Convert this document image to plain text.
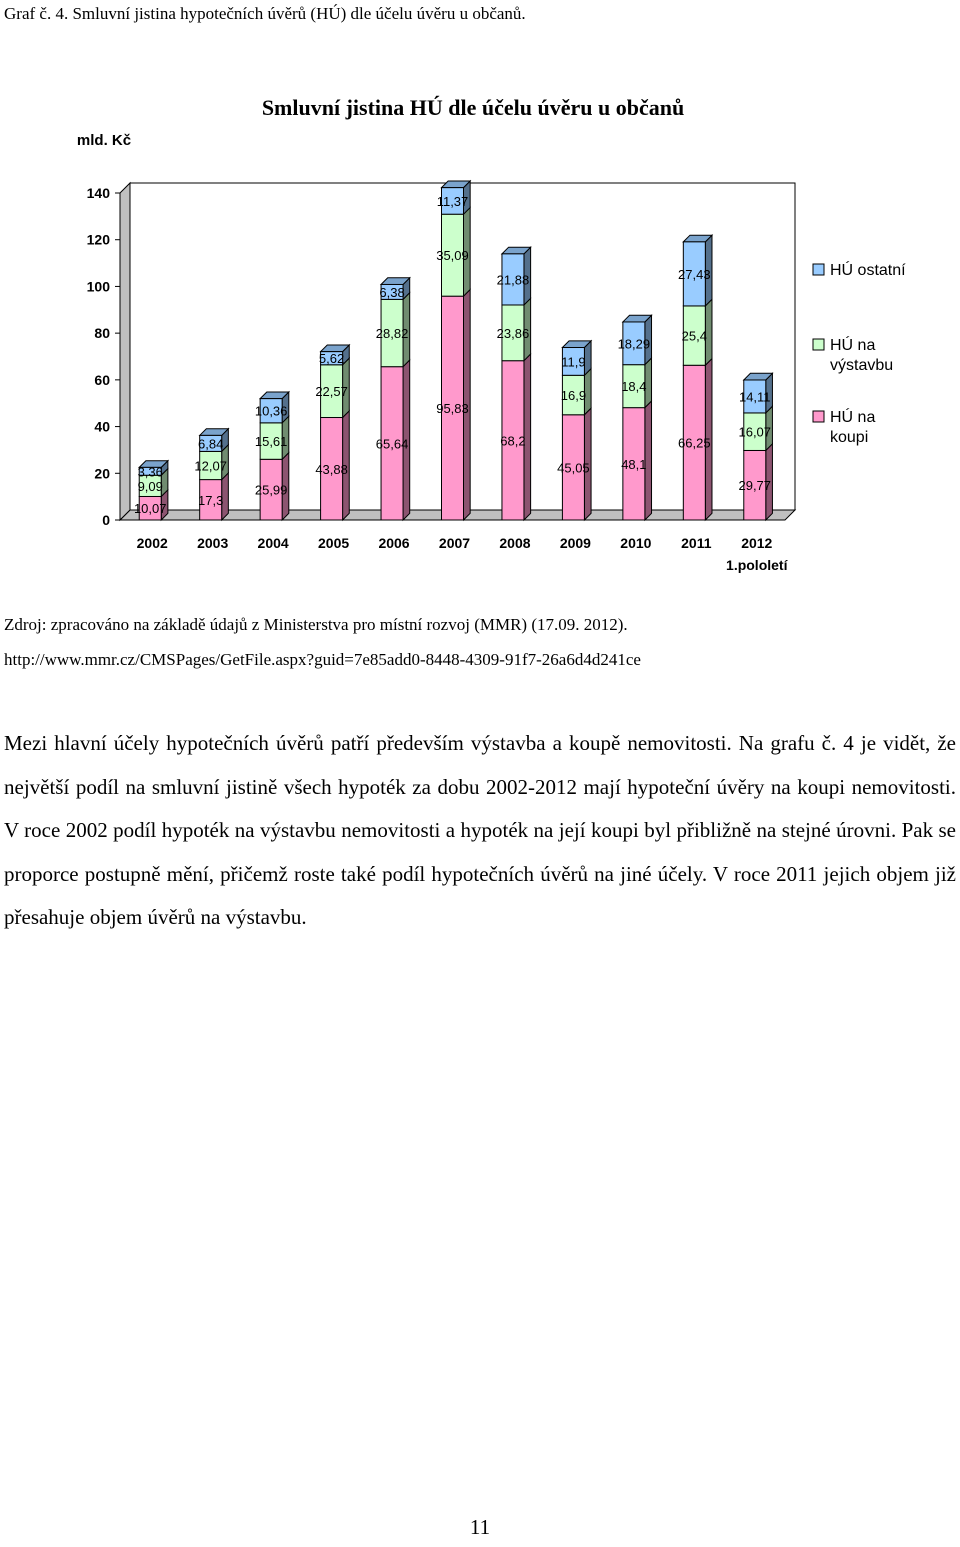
Graf č. 4. Smluvní jistina hypotečních úvěrů (HÚ) dle účelu úvěru u občanů.
Smluvní jistina HÚ dle účelu úvěru u občanů
mld. Kč
0
20
40
60
80
100
120
140
2002 2003 2004 2005 2006 2007 2008 2009 2010 2011 2012
1.pololetí
10,07
9,09
3,36
17,3
12,07
6,84
25,99
15,61
10,36
43,88
22,57
5,62
65,64
28,82
6,38
95,83
35,09
11,37
68,2
23,86
21,88
45,05
16,9
11,9
48,1
18,4
18,29
66,25
25,4
27,43
29,77
16,07
14,11
HÚ ostatní
HÚ na
výstavbu
HÚ na
koupi
Zdroj: zpracováno na základě údajů z Ministerstva pro místní rozvoj (MMR) (17.09. 2012).
http://www.mmr.cz/CMSPages/GetFile.aspx?guid=7e85add0-8448-4309-91f7-26a6d4d241ce
Mezi hlavní účely hypotečních úvěrů patří především výstavba a koupě nemovitosti. Na grafu č. 4 je vidět, že největší podíl na smluvní jistině všech hypoték za dobu 2002-2012 mají hypoteční úvěry na koupi nemovitosti. V roce 2002 podíl hypoték na výstavbu nemovitosti a hypoték na její koupi byl přibližně na stejné úrovni. Pak se proporce postupně mění, přičemž roste také podíl hypotečních úvěrů na jiné účely. V roce 2011 jejich objem již přesahuje objem úvěrů na výstavbu.
11
